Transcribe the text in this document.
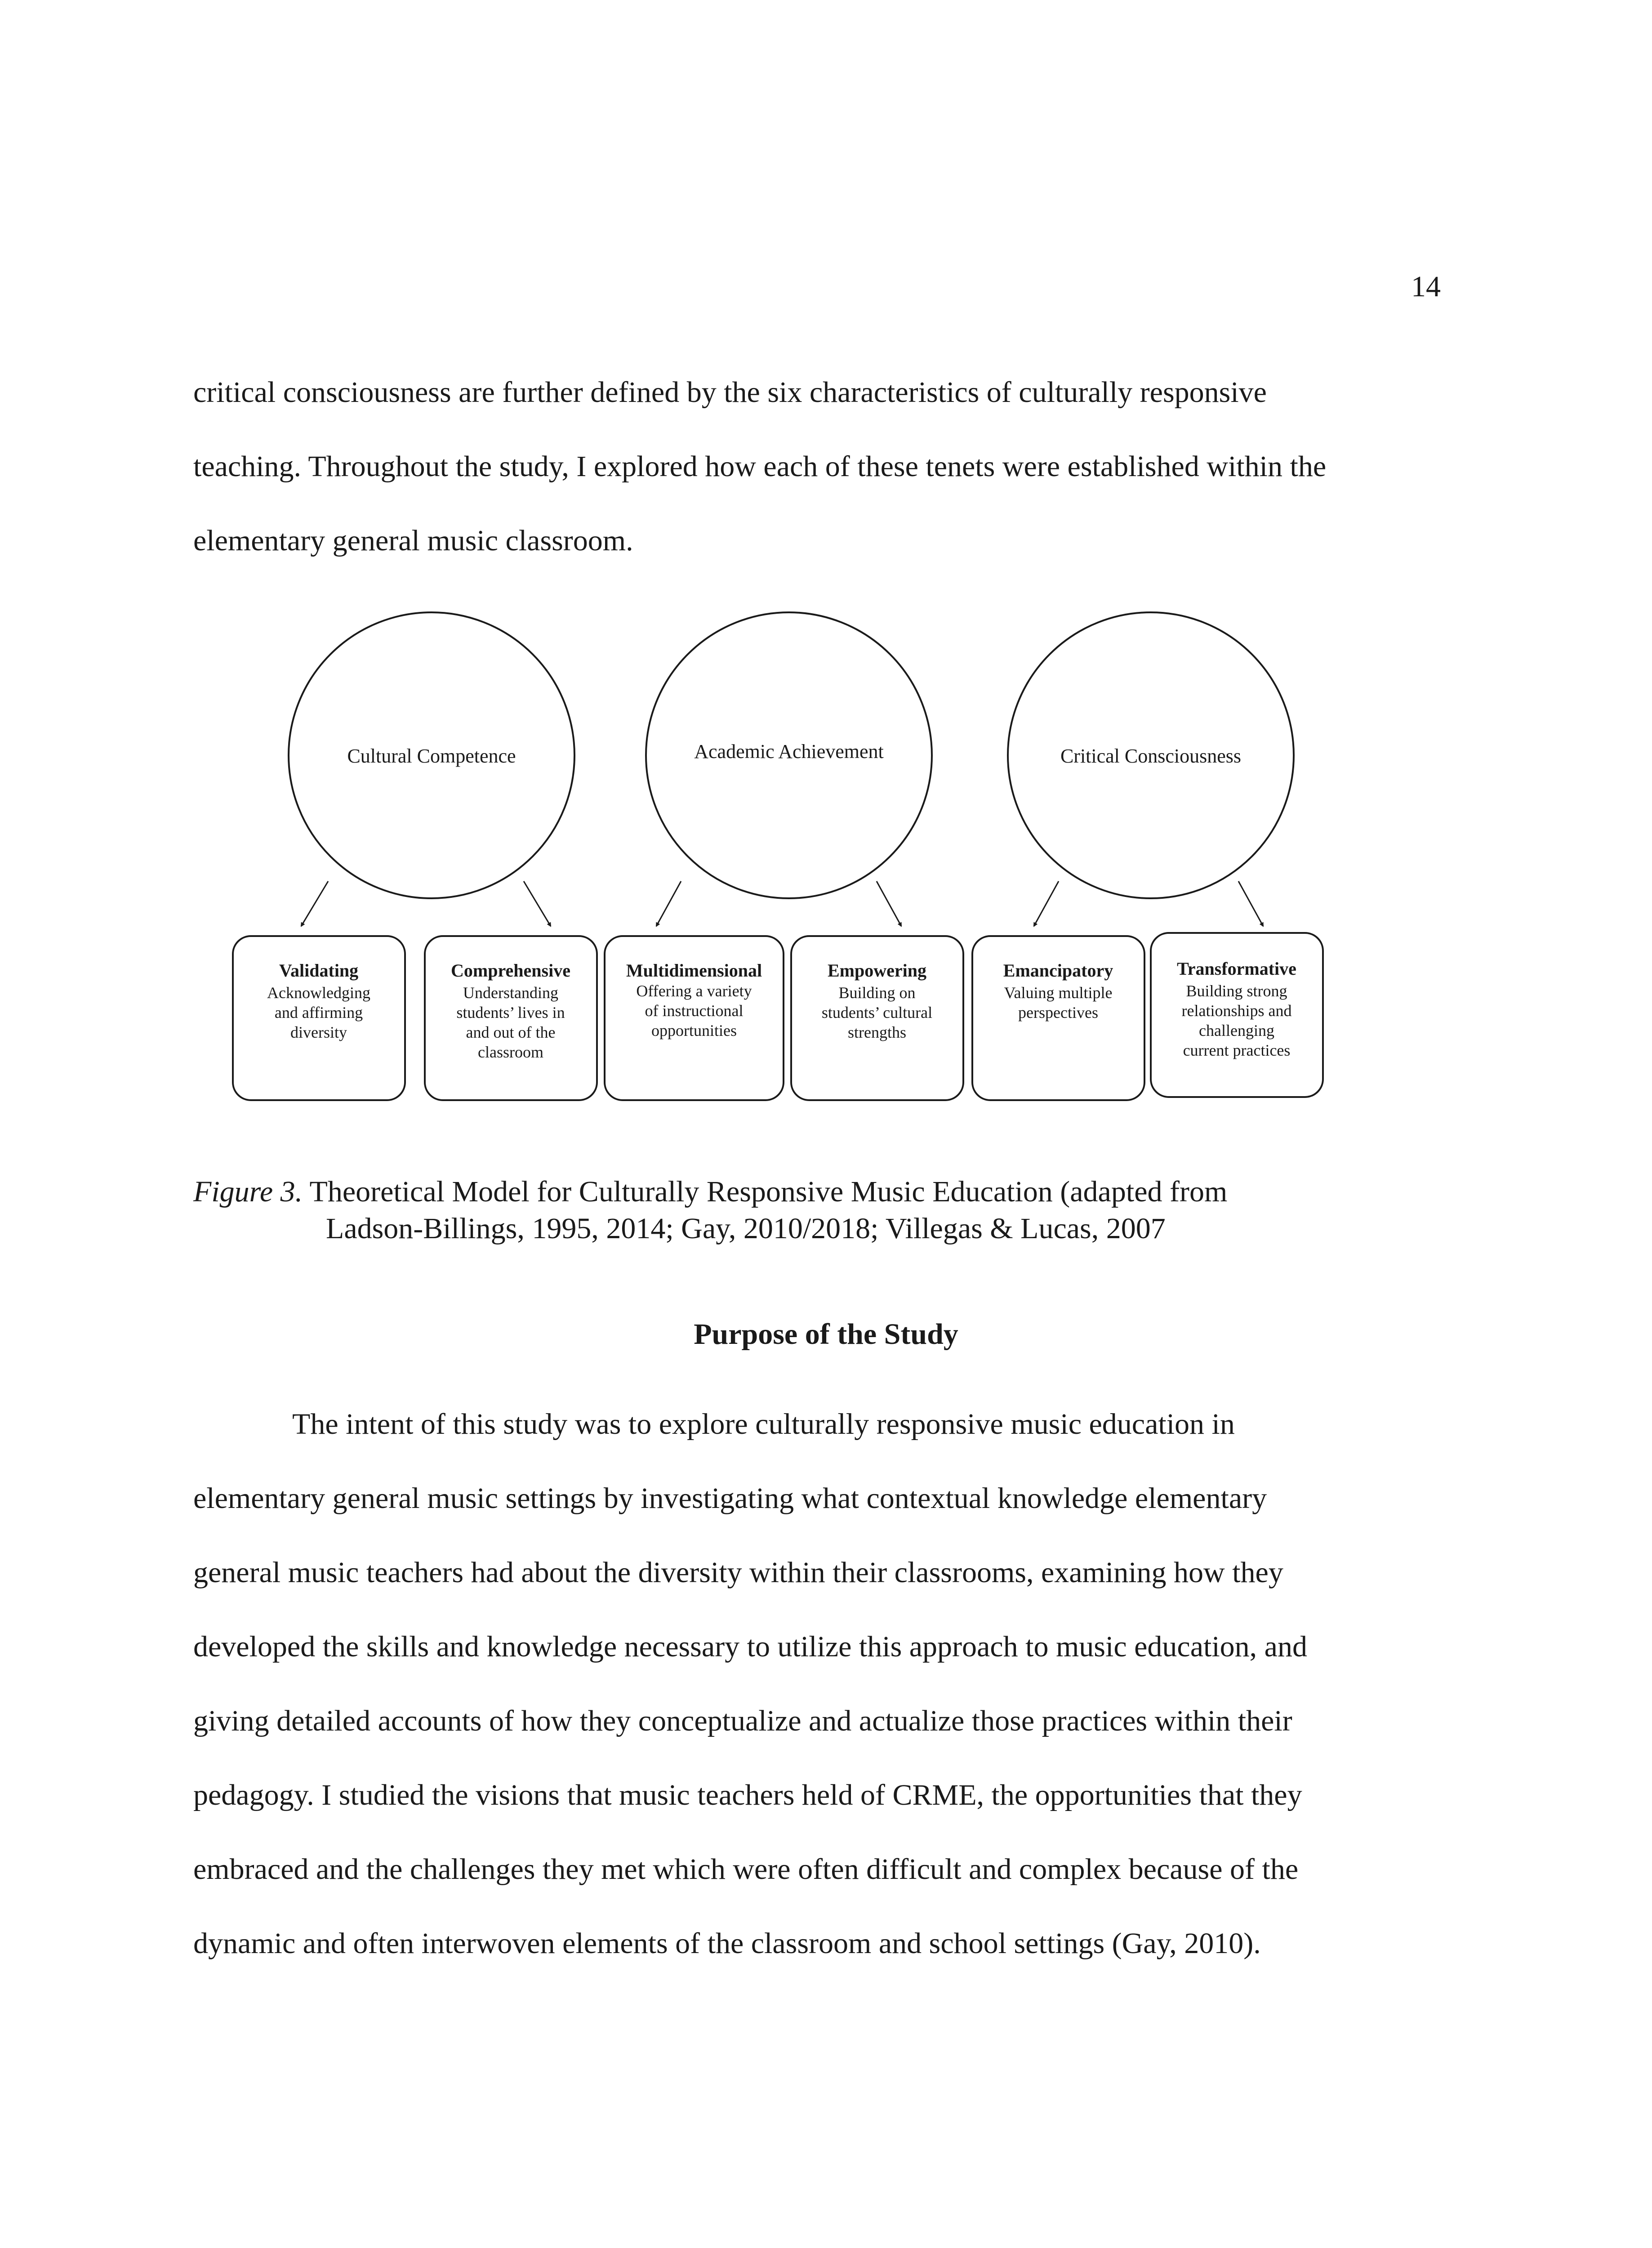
14

critical consciousness are further defined by the six characteristics of culturally responsive
teaching. Throughout the study, I explored how each of these tenets were established within the
elementary general music classroom.

Cultural Competence	Academic Achievement	Critical Consciousness
Validating
Acknowledging
and affirming
diversity
Comprehensive
Understanding
students’ lives in
and out of the
classroom
Multidimensional
Offering a variety
of instructional
opportunities
Empowering
Building on
students’ cultural
strengths
Emancipatory
Valuing multiple
perspectives
Transformative
Building strong
relationships and
challenging
current practices

Figure 3. Theoretical Model for Culturally Responsive Music Education (adapted from
Ladson-Billings, 1995, 2014; Gay, 2010/2018; Villegas & Lucas, 2007

Purpose of the Study

The intent of this study was to explore culturally responsive music education in
elementary general music settings by investigating what contextual knowledge elementary
general music teachers had about the diversity within their classrooms, examining how they
developed the skills and knowledge necessary to utilize this approach to music education, and
giving detailed accounts of how they conceptualize and actualize those practices within their
pedagogy. I studied the visions that music teachers held of CRME, the opportunities that they
embraced and the challenges they met which were often difficult and complex because of the
dynamic and often interwoven elements of the classroom and school settings (Gay, 2010).
